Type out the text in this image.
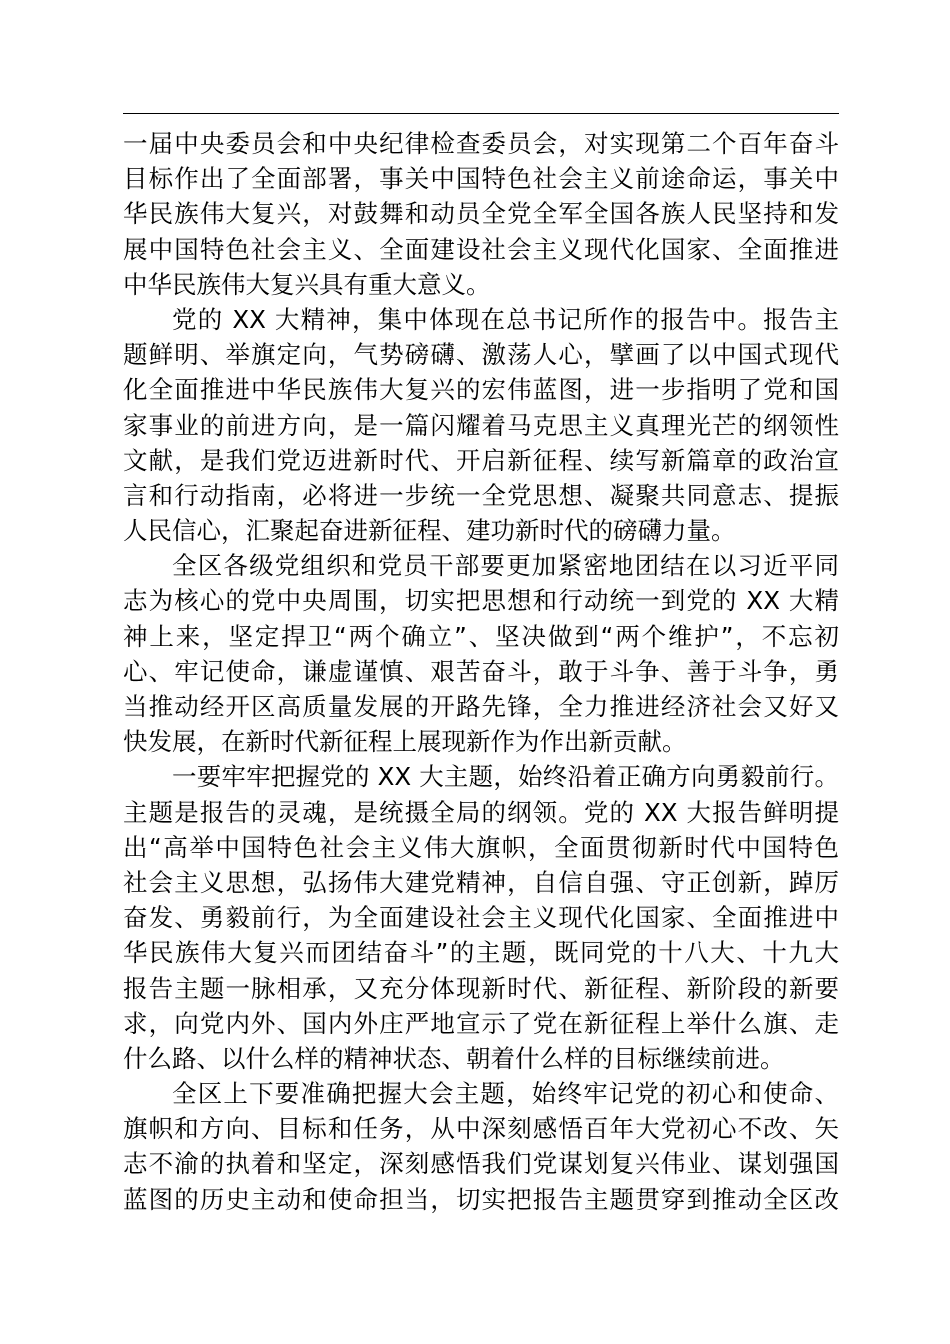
一届中央委员会和中央纪律检查委员会，对实现第二个百年奋斗
目标作出了全面部署，事关中国特色社会主义前途命运，事关中
华民族伟大复兴，对鼓舞和动员全党全军全国各族人民坚持和发
展中国特色社会主义、全面建设社会主义现代化国家、全面推进
中华民族伟大复兴具有重大意义。
党的 XX 大精神，集中体现在总书记所作的报告中。报告主
题鲜明、举旗定向，气势磅礴、激荡人心，擘画了以中国式现代
化全面推进中华民族伟大复兴的宏伟蓝图，进一步指明了党和国
家事业的前进方向，是一篇闪耀着马克思主义真理光芒的纲领性
文献，是我们党迈进新时代、开启新征程、续写新篇章的政治宣
言和行动指南，必将进一步统一全党思想、凝聚共同意志、提振
人民信心，汇聚起奋进新征程、建功新时代的磅礴力量。
全区各级党组织和党员干部要更加紧密地团结在以习近平同
志为核心的党中央周围，切实把思想和行动统一到党的 XX 大精
神上来，坚定捍卫“两个确立”、坚决做到“两个维护”，不忘初
心、牢记使命，谦虚谨慎、艰苦奋斗，敢于斗争、善于斗争，勇
当推动经开区高质量发展的开路先锋，全力推进经济社会又好又
快发展，在新时代新征程上展现新作为作出新贡献。
一要牢牢把握党的 XX 大主题，始终沿着正确方向勇毅前行。
主题是报告的灵魂，是统摄全局的纲领。党的 XX 大报告鲜明提
出“高举中国特色社会主义伟大旗帜，全面贯彻新时代中国特色
社会主义思想，弘扬伟大建党精神，自信自强、守正创新，踔厉
奋发、勇毅前行，为全面建设社会主义现代化国家、全面推进中
华民族伟大复兴而团结奋斗”的主题，既同党的十八大、十九大
报告主题一脉相承，又充分体现新时代、新征程、新阶段的新要
求，向党内外、国内外庄严地宣示了党在新征程上举什么旗、走
什么路、以什么样的精神状态、朝着什么样的目标继续前进。
全区上下要准确把握大会主题，始终牢记党的初心和使命、
旗帜和方向、目标和任务，从中深刻感悟百年大党初心不改、矢
志不渝的执着和坚定，深刻感悟我们党谋划复兴伟业、谋划强国
蓝图的历史主动和使命担当，切实把报告主题贯穿到推动全区改
